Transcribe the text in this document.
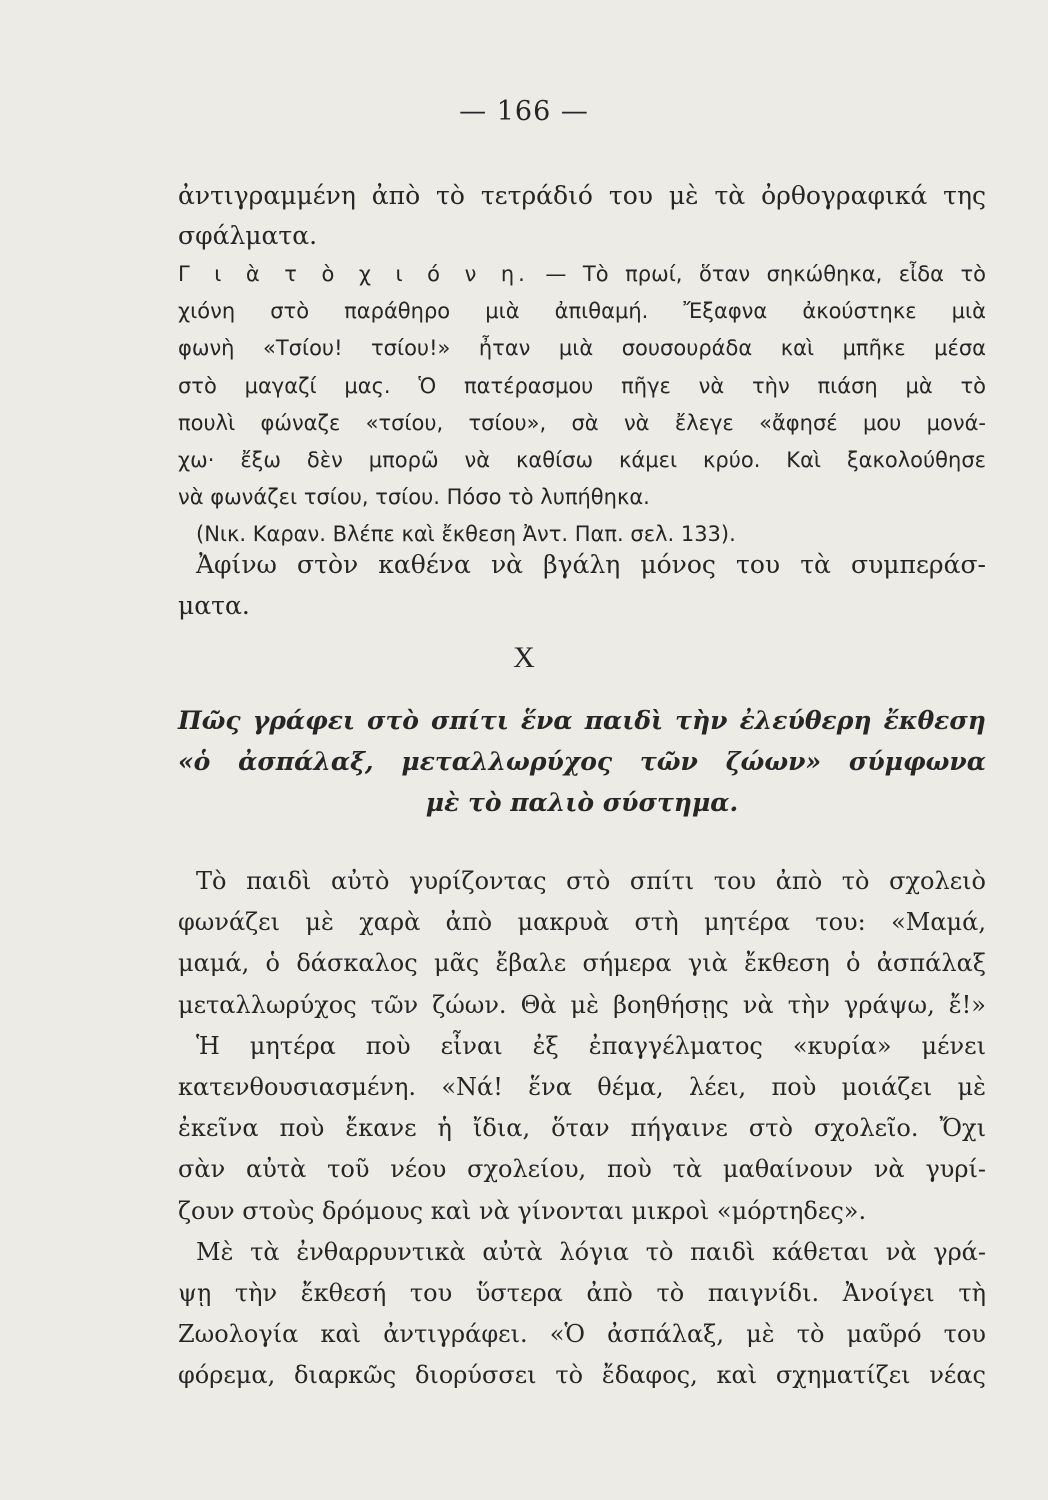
— 166 —
ἀντιγραμμένη ἀπὸ τὸ τετράδιό του μὲ τὰ ὀρθογραφικά της
σφάλματα.
Γ ι ὰ τ ὸ χ ι ό ν η. — Τὸ πρωί, ὅταν σηκώθηκα, εἶδα τὸ
χιόνη στὸ παράθηρο μιὰ ἀπιθαμή. Ἔξαφνα ἀκούστηκε μιὰ
φωνὴ «Τσίου! τσίου!» ἦταν μιὰ σουσουράδα καὶ μπῆκε μέσα
στὸ μαγαζί μας. Ὁ πατέρασμου πῆγε νὰ τὴν πιάση μὰ τὸ
πουλὶ φώναζε «τσίου, τσίου», σὰ νὰ ἔλεγε «ἄφησέ μου μονά-
χω· ἔξω δὲν μπορῶ νὰ καθίσω κάμει κρύο. Καὶ ξακολούθησε
νὰ φωνάζει τσίου, τσίου. Πόσο τὸ λυπήθηκα.
(Νικ. Καραν. Βλέπε καὶ ἔκθεση Ἀντ. Παπ. σελ. 133).
Ἀφίνω στὸν καθένα νὰ βγάλη μόνος του τὰ συμπεράσ-
ματα.
Χ
Πῶς γράφει στὸ σπίτι ἕνα παιδὶ τὴν ἐλεύθερη ἔκθεση
«ὁ ἀσπάλαξ, μεταλλωρύχος τῶν ζώων» σύμφωνα
μὲ τὸ παλιὸ σύστημα.
Τὸ παιδὶ αὐτὸ γυρίζοντας στὸ σπίτι του ἀπὸ τὸ σχολειὸ
φωνάζει μὲ χαρὰ ἀπὸ μακρυὰ στὴ μητέρα του: «Μαμά,
μαμά, ὁ δάσκαλος μᾶς ἔβαλε σήμερα γιὰ ἔκθεση ὁ ἀσπάλαξ
μεταλλωρύχος τῶν ζώων. Θὰ μὲ βοηθήσῃς νὰ τὴν γράψω, ἔ!»
Ἡ μητέρα ποὺ εἶναι ἐξ ἐπαγγέλματος «κυρία» μένει
κατενθουσιασμένη. «Νά! ἕνα θέμα, λέει, ποὺ μοιάζει μὲ
ἐκεῖνα ποὺ ἔκανε ἡ ἴδια, ὅταν πήγαινε στὸ σχολεῖο. Ὄχι
σὰν αὐτὰ τοῦ νέου σχολείου, ποὺ τὰ μαθαίνουν νὰ γυρί-
ζουν στοὺς δρόμους καὶ νὰ γίνονται μικροὶ «μόρτηδες».
Μὲ τὰ ἐνθαρρυντικὰ αὐτὰ λόγια τὸ παιδὶ κάθεται νὰ γρά-
ψῃ τὴν ἔκθεσή του ὕστερα ἀπὸ τὸ παιγνίδι. Ἀνοίγει τὴ
Ζωολογία καὶ ἀντιγράφει. «Ὁ ἀσπάλαξ, μὲ τὸ μαῦρό του
φόρεμα, διαρκῶς διορύσσει τὸ ἔδαφος, καὶ σχηματίζει νέας
